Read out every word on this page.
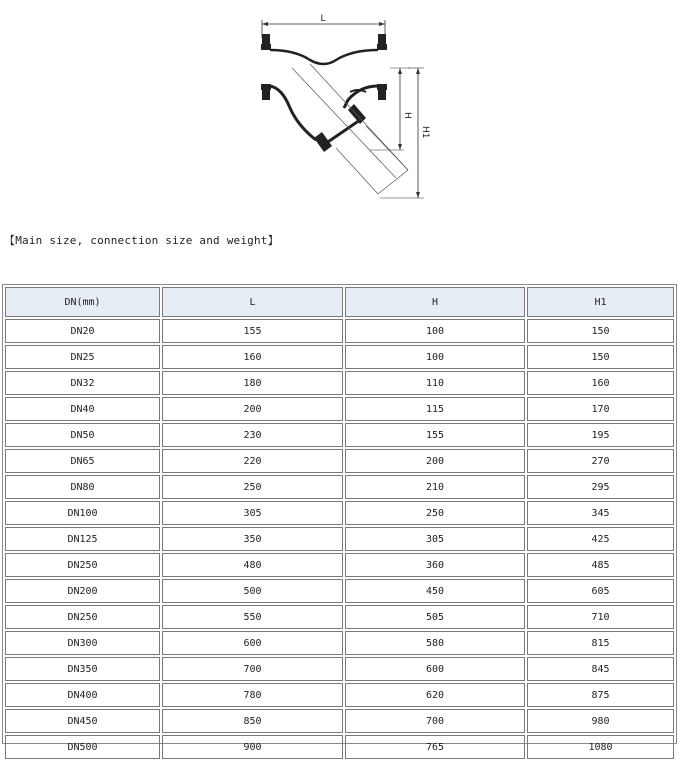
L
H
H1
【Main size, connection size and weight】
DN(mm)	L	H	H1
DN20	155	100	150
DN25	160	100	150
DN32	180	110	160
DN40	200	115	170
DN50	230	155	195
DN65	220	200	270
DN80	250	210	295
DN100	305	250	345
DN125	350	305	425
DN250	480	360	485
DN200	500	450	605
DN250	550	505	710
DN300	600	580	815
DN350	700	600	845
DN400	780	620	875
DN450	850	700	980
DN500	900	765	1080
